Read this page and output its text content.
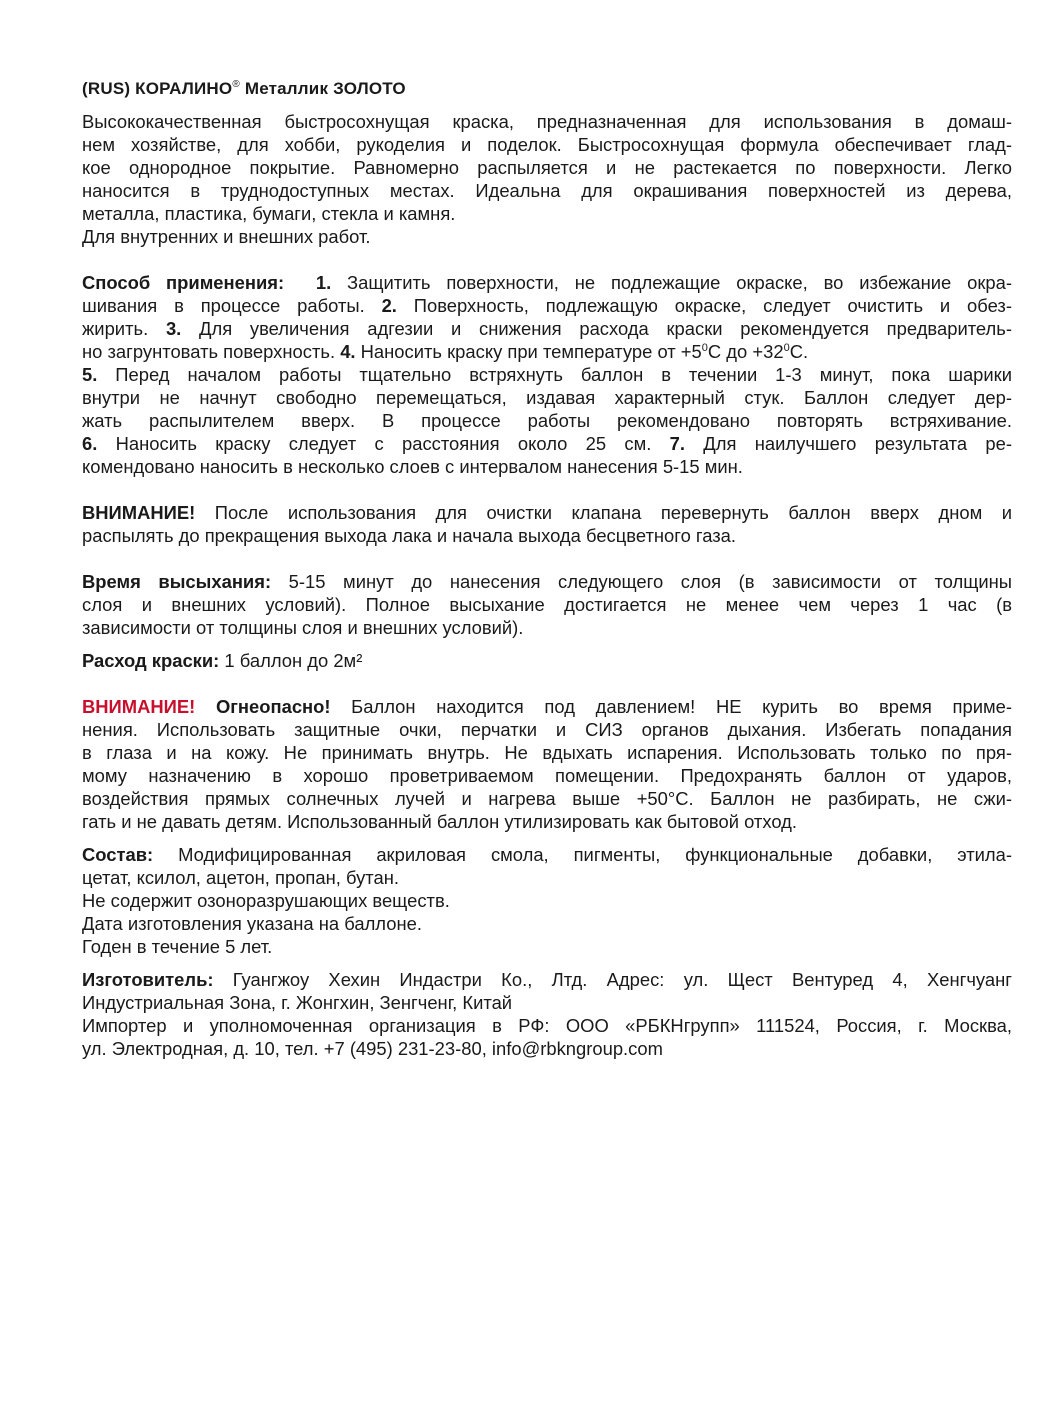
(RUS) КОРАЛИНО® Металлик ЗОЛОТО
Высококачественная быстросохнущая краска, предназначенная для использования в домаш-
нем хозяйстве, для хобби, рукоделия и поделок. Быстросохнущая формула обеспечивает глад-
кое однородное покрытие. Равномерно распыляется и не растекается по поверхности. Легко
наносится в труднодоступных местах. Идеальна для окрашивания поверхностей из дерева,
металла, пластика, бумаги, стекла и камня.
Для внутренних и внешних работ.
Способ применения: 1. Защитить поверхности, не подлежащие окраске, во избежание окра-
шивания в процессе работы. 2. Поверхность, подлежащую окраске, следует очистить и обез-
жирить. 3. Для увеличения адгезии и снижения расхода краски рекомендуется предваритель-
но загрунтовать поверхность. 4. Наносить краску при температуре от $+5^0С$ до $+32^0С$.
5. Перед началом работы тщательно встряхнуть баллон в течении 1-3 минут, пока шарики
внутри не начнут свободно перемещаться, издавая характерный стук. Баллон следует дер-
жать распылителем вверх. В процессе работы рекомендовано повторять встряхивание.
6. Наносить краску следует с расстояния около 25 см. 7. Для наилучшего результата ре-
комендовано наносить в несколько слоев с интервалом нанесения 5-15 мин.
ВНИМАНИЕ! После использования для очистки клапана перевернуть баллон вверх дном и
распылять до прекращения выхода лака и начала выхода бесцветного газа.
Время высыхания: 5-15 минут до нанесения следующего слоя (в зависимости от толщины
слоя и внешних условий). Полное высыхание достигается не менее чем через 1 час (в
зависимости от толщины слоя и внешних условий).
Расход краски: 1 баллон до 2м²
ВНИМАНИЕ! Огнеопасно! Баллон находится под давлением! НЕ курить во время приме-
нения. Использовать защитные очки, перчатки и СИЗ органов дыхания. Избегать попадания
в глаза и на кожу. Не принимать внутрь. Не вдыхать испарения. Использовать только по пря-
мому назначению в хорошо проветриваемом помещении. Предохранять баллон от ударов,
воздействия прямых солнечных лучей и нагрева выше +50°С. Баллон не разбирать, не сжи-
гать и не давать детям. Использованный баллон утилизировать как бытовой отход.
Состав: Модифицированная акриловая смола, пигменты, функциональные добавки, этила-
цетат, ксилол, ацетон, пропан, бутан.
Не содержит озоноразрушающих веществ.
Дата изготовления указана на баллоне.
Годен в течение 5 лет.
Изготовитель: Гуангжоу Хехин Индастри Ко., Лтд. Адрес: ул. Щест Вентуред 4, Хенгчуанг
Индустриальная Зона, г. Жонгхин, Зенгченг, Китай
Импортер и уполномоченная организация в РФ: ООО «РБКНгрупп» 111524, Россия, г. Москва,
ул. Электродная, д. 10, тел. +7 (495) 231-23-80, info@rbkngroup.com
